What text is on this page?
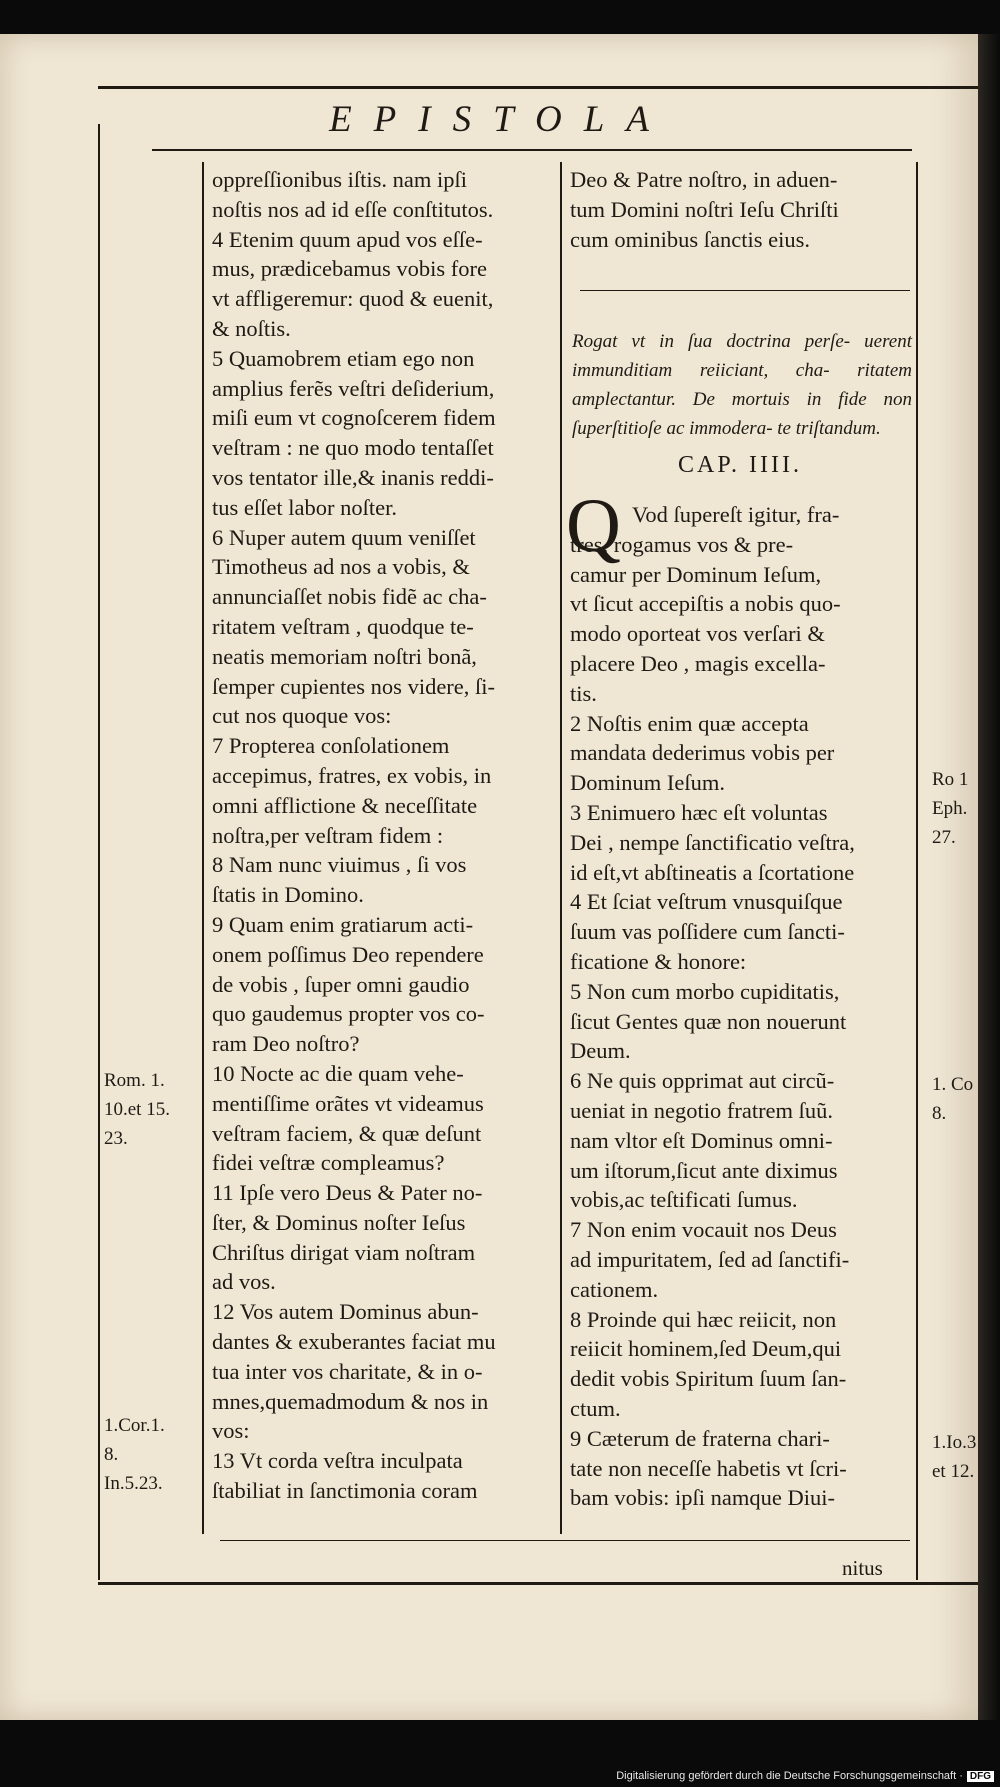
EPISTOLA
oppreſſionibus iſtis. nam ipſi
noſtis nos ad id eſſe conſtitutos.
4 Etenim quum apud vos eſſe-
mus, prædicebamus vobis fore
vt affligeremur: quod & euenit,
& noſtis.
5 Quamobrem etiam ego non
amplius ferẽs veſtri deſiderium,
miſi eum vt cognoſcerem fidem
veſtram : ne quo modo tentaſſet
vos tentator ille,& inanis reddi-
tus eſſet labor noſter.
6 Nuper autem quum veniſſet
Timotheus ad nos a vobis, &
annunciaſſet nobis fidẽ ac cha-
ritatem veſtram , quodque te-
neatis memoriam noſtri bonã,
ſemper cupientes nos videre, ſi-
cut nos quoque vos:
7 Propterea conſolationem
accepimus, fratres, ex vobis, in
omni afflictione & neceſſitate
noſtra,per veſtram fidem :
8 Nam nunc viuimus , ſi vos
ſtatis in Domino.
9 Quam enim gratiarum acti-
onem poſſimus Deo rependere
de vobis , ſuper omni gaudio
quo gaudemus propter vos co-
ram Deo noſtro?
10 Nocte ac die quam vehe-
mentiſſime orãtes vt videamus
veſtram faciem, & quæ deſunt
fidei veſtræ compleamus?
11 Ipſe vero Deus & Pater no-
ſter, & Dominus noſter Ieſus
Chriſtus dirigat viam noſtram
ad vos.
12 Vos autem Dominus abun-
dantes & exuberantes faciat mu
tua inter vos charitate, & in o-
mnes,quemadmodum & nos in
vos:
13 Vt corda veſtra inculpata
ſtabiliat in ſanctimonia coram
Deo & Patre noſtro, in aduen-
tum Domini noſtri Ieſu Chriſti
cum ominibus ſanctis eius.
Rogat vt in ſua doctrina perſe- uerent immunditiam reiiciant, cha- ritatem amplectantur. De mortuis in fide non ſuperſtitioſe ac immodera- te triſtandum.
CAP. IIII.
Q Vod ſupereſt igitur, fra-
tres, rogamus vos & pre-
camur per Dominum Ieſum,
vt ſicut accepiſtis a nobis quo-
modo oporteat vos verſari &
placere Deo , magis excella-
tis.
2 Noſtis enim quæ accepta
mandata dederimus vobis per
Dominum Ieſum.
3 Enimuero hæc eſt voluntas
Dei , nempe ſanctificatio veſtra,
id eſt,vt abſtineatis a ſcortatione
4 Et ſciat veſtrum vnusquiſque
ſuum vas poſſidere cum ſancti-
ficatione & honore:
5 Non cum morbo cupiditatis,
ſicut Gentes quæ non nouerunt
Deum.
6 Ne quis opprimat aut circũ-
ueniat in negotio fratrem ſuũ.
nam vltor eſt Dominus omni-
um iſtorum,ſicut ante diximus
vobis,ac teſtificati ſumus.
7 Non enim vocauit nos Deus
ad impuritatem, ſed ad ſanctifi-
cationem.
8 Proinde qui hæc reiicit, non
reiicit hominem,ſed Deum,qui
dedit vobis Spiritum ſuum ſan-
ctum.
9 Cæterum de fraterna chari-
tate non neceſſe habetis vt ſcri-
bam vobis: ipſi namque Diui-
Rom. 1.
10.et 15.
23.
1.Cor.1.
8.
In.5.23.
Ro 1
Eph.
27.
1. Co
8.
1.Io.3
et 12.
nitus
Digitalisierung gefördert durch die Deutsche Forschungsgemeinschaft · DFG
